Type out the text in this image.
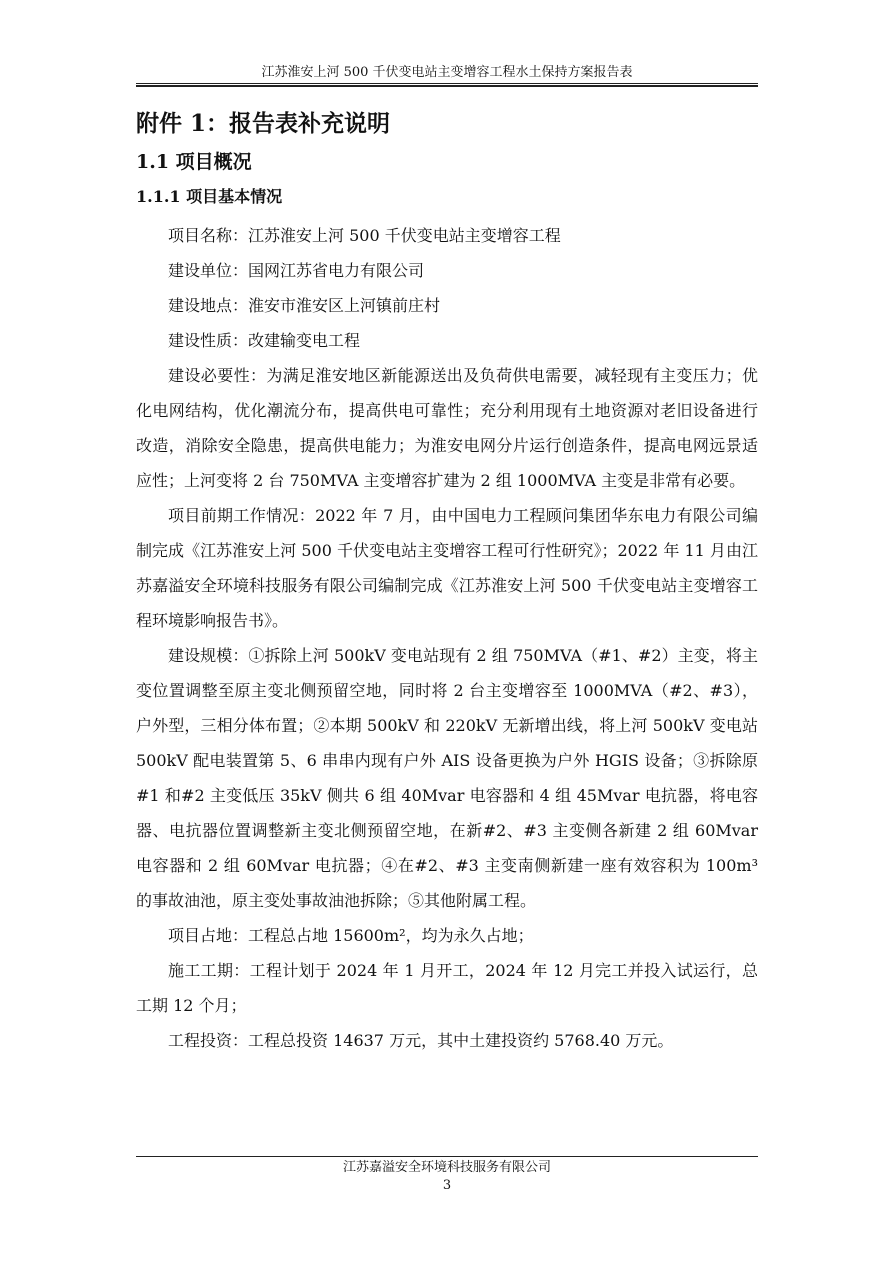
江苏淮安上河 500 千伏变电站主变增容工程水土保持方案报告表
附件 1：报告表补充说明
1.1 项目概况
1.1.1 项目基本情况

项目名称：江苏淮安上河 500 千伏变电站主变增容工程

建设单位：国网江苏省电力有限公司

建设地点：淮安市淮安区上河镇前庄村

建设性质：改建输变电工程

建设必要性：为满足淮安地区新能源送出及负荷供电需要，减轻现有主变压力；优化电网结构，优化潮流分布，提高供电可靠性；充分利用现有土地资源对老旧设备进行改造，消除安全隐患，提高供电能力；为淮安电网分片运行创造条件，提高电网远景适应性；上河变将 2 台 750MVA 主变增容扩建为 2 组 1000MVA 主变是非常有必要。

项目前期工作情况：2022 年 7 月，由中国电力工程顾问集团华东电力有限公司编制完成《江苏淮安上河 500 千伏变电站主变增容工程可行性研究》；2022 年 11 月由江苏嘉溢安全环境科技服务有限公司编制完成《江苏淮安上河 500 千伏变电站主变增容工程环境影响报告书》。

建设规模：①拆除上河 500kV 变电站现有 2 组 750MVA（#1、#2）主变，将主变位置调整至原主变北侧预留空地，同时将 2 台主变增容至 1000MVA（#2、#3），户外型，三相分体布置；②本期 500kV 和 220kV 无新增出线，将上河 500kV 变电站 500kV 配电装置第 5、6 串串内现有户外 AIS 设备更换为户外 HGIS 设备；③拆除原#1 和#2 主变低压 35kV 侧共 6 组 40Mvar 电容器和 4 组 45Mvar 电抗器，将电容器、电抗器位置调整新主变北侧预留空地，在新#2、#3 主变侧各新建 2 组 60Mvar 电容器和 2 组 60Mvar 电抗器；④在#2、#3 主变南侧新建一座有效容积为 100m³ 的事故油池，原主变处事故油池拆除；⑤其他附属工程。

项目占地：工程总占地 15600m²，均为永久占地；

施工工期：工程计划于 2024 年 1 月开工，2024 年 12 月完工并投入试运行，总工期 12 个月；

工程投资：工程总投资 14637 万元，其中土建投资约 5768.40 万元。

江苏嘉溢安全环境科技服务有限公司
3
